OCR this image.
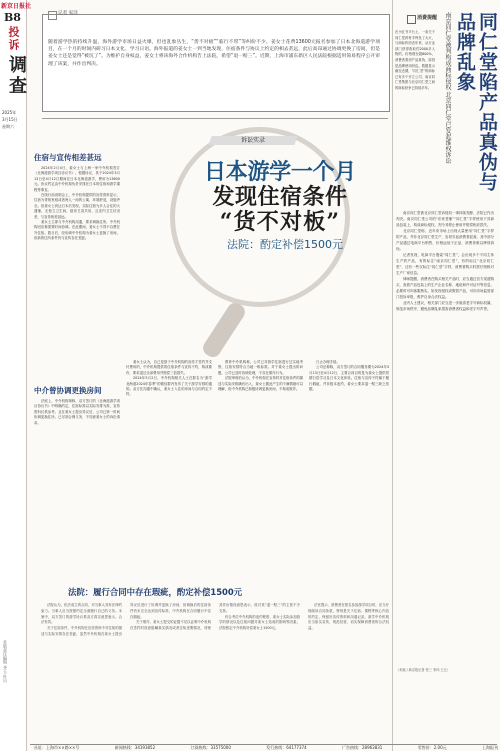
新京日报社
B8
投诉
调查
2025年
3月15日
星期六
本版责任编辑 齐玉 叶贝
记者 家洋
随着游学热的持续升温，海外游学市场日益火爆，但也乱象丛生，“货不对板”“临行不带”等纠纷不少。姜女士花费13600元报名参加了日本北海道游学项目，在一个月的时间内研习日本文化、学习日语。海外报道的姜女士一到当地发现，住宿条件与协议上约定的相去甚远，此后高昂通过协调更换了房间，但是姜女士还是觉得“被坑了”。为维护自身权益，姜女士将该海外合作机构告上法院，希望“退一赔三”。近期，上海市浦东新区人民法院根据适用简易程序公开审理了该案，并作出判决。
诉讼实录
日本游学一个月
发现住宿条件
“货不对板”
法院：酌定补偿1500元
住宿与宣传相差甚远

2024年2月4日，姜女士与上海一家中介机构签订《北海道游学项目协议书》。根据协议，其于2024年3月13日至4月12日期间在日本北海道游学，费用为13600元。协议约定由中介机构负责安排在日本的住宿和游学课程等事宜。

在线行前说明会上，中介机构提供的宣传资料显示，住宿为寄宿家庭或者两人一间的公寓，环境舒适，设施齐全。但姜女士到达日本后发现，实际住宿为多人合住的大通铺，无独立卫生间，厨房卫浴共用，且室内卫生状况差，与宣传相差甚远。

姜女士立即与中介机构沟通，要求调换住所，中介机构回应称需要时间协调。在此期间，姜女士不得不自费在外住宿。数日后，经协调中介机构为姜女士更换了房间，但新的住所条件仍与宣传存在差距。

中介曾协调更换房间

法庭上，中介机构辩称，双方签订的《北海道游学项目协议书》中明确约定，住宿标准以实际安排为准，宣传资料仅供参考。且在姜女士提出异议后，公司已第一时间协调更换住所，已尽到合理义务，不同意姜女士的诉讼请求。

姜女士认为，自己是基于中介机构的宣传才签约并支付费用的，中介机构提供的住宿条件与宣传不符，构成欺诈，要求退还全部费用并赔偿三倍损失。

2024年5月2日，中介机构相关人士在群名为“游学北海道2024年春季”的微信群内发布了关于游学安排的通知。双方在沟通中确认，姜女士入住的房间与合同约定不符。

教育中介机构称，公司已对游学住宿进行过实地考察，住宿安排符合当地一般标准。对于姜女士提出的问题，公司已及时协调处理，不存在欺诈行为。

法院审理后认为，中介机构在宣传时对住宿条件的描述与实际安排确有出入，姜女士据此产生的不满情绪可以理解，但中介机构已积极协调更换房间，不构成欺诈。

日止办理手续。

公司还称称，双方签订的合同服务期为2024年3月13日至4月12日，主要合同目的是为姜女士提供短期日语学习及日本文化体验。住宿与宣传不符属于履行瑕疵，并非根本违约，姜女士要求退一赔三缺乏依据。

法院：履行合同中存在瑕疵，酌定补偿1500元

法院认为，依法成立的合同，对当事人具有法律约束力。当事人应当按照约定全面履行自己的义务。本案中，双方签订的游学协议系双方真实意思表示，合法有效。

关于住宿条件，中介机构在宣传资料中对住宿的描述与实际安排存在差距，虽然中介机构在姜女士提出异议后进行了协调并更换了房间，但调换后的住宿条件仍未完全达到宣传标准，中介机构在合同履行中存在瑕疵。

关于欺诈，姜女士提交的证据不足以证明中介机构在签约时故意隐瞒真实情况或者告知虚假情况，诱使其作出错误意思表示，故对其“退一赔三”的主张不予支持。

综合考虑中介机构的违约程度、姜女士实际参加游学的情况以及住宿问题对姜女士造成的影响等因素，法院酌定中介机构补偿姜女士1500元。

法官提示，消费者在报名参加游学项目时，应当仔细阅读合同条款，特别是关于住宿、课程等核心内容的约定，保留好宣传资料和沟通记录。游学中介机构应当如实宣传，规范经营，切实保障消费者的合法权益。

消费提醒	同仁堂陷产品真伪与品牌乱象
南京同仁堂被判构成商标侵权 北京同仁堂已发起维权诉讼
在小红书平台上，一条关于同仁堂药材手铐发了大火，与商标纠纷近年来，从行业部门获得收取约2000多入物的，价格涨至超600%，消费者看到产品真伪，原因是品牌使用纷乱。数据显示截至近期，“同仁堂”的商标已有多个开立公司，南京同仁堂集团与北京同仁堂之间的商标纷争已持续多年。

南京同仁堂被北京同仁堂诉侵权一事持续发酵，法院已作出判决。南京同仁堂公司的“乐家老铺”“同仁堂”字样使用于其商品包装上，构成商标侵权，判令其停止使用并赔偿相应损失。

北京同仁堂称，近年来市场上出现大量使用“同仁堂”字样的产品，并非北京同仁堂生产，容易引起消费者混淆。其中部分产品通过电商平台销售，价格远低于正品，消费者难以辨别真伪。

记者发现，电商平台搜索“同仁堂”，会出现多个不同主体生产的产品，有的标注“南京同仁堂”，有的标注“北京同仁堂”，还有一些仅标注“同仁堂”字样，消费者购买时需仔细核对生产厂家信息。

律师提醒，消费者在购买相关产品时，应当通过官方渠道购买，查看产品包装上的生产企业名称、地址和许可证号等信息，必要时可向客服核实。如发现侵权或假冒产品，可向市场监管部门投诉举报，维护自身合法权益。

业内人士建议，相关部门应当进一步厘清老字号商标权属，规范市场秩序，避免品牌乱象损害消费者权益和老字号声誉。

（本版 / 新京报记者 张三 李四 王五）
社址：上海市××路××号	新闻热线：34193852	订阅热线：33575000	发行热线：64177374	广告热线：28963831	零售价：2.00元	上海报刊
